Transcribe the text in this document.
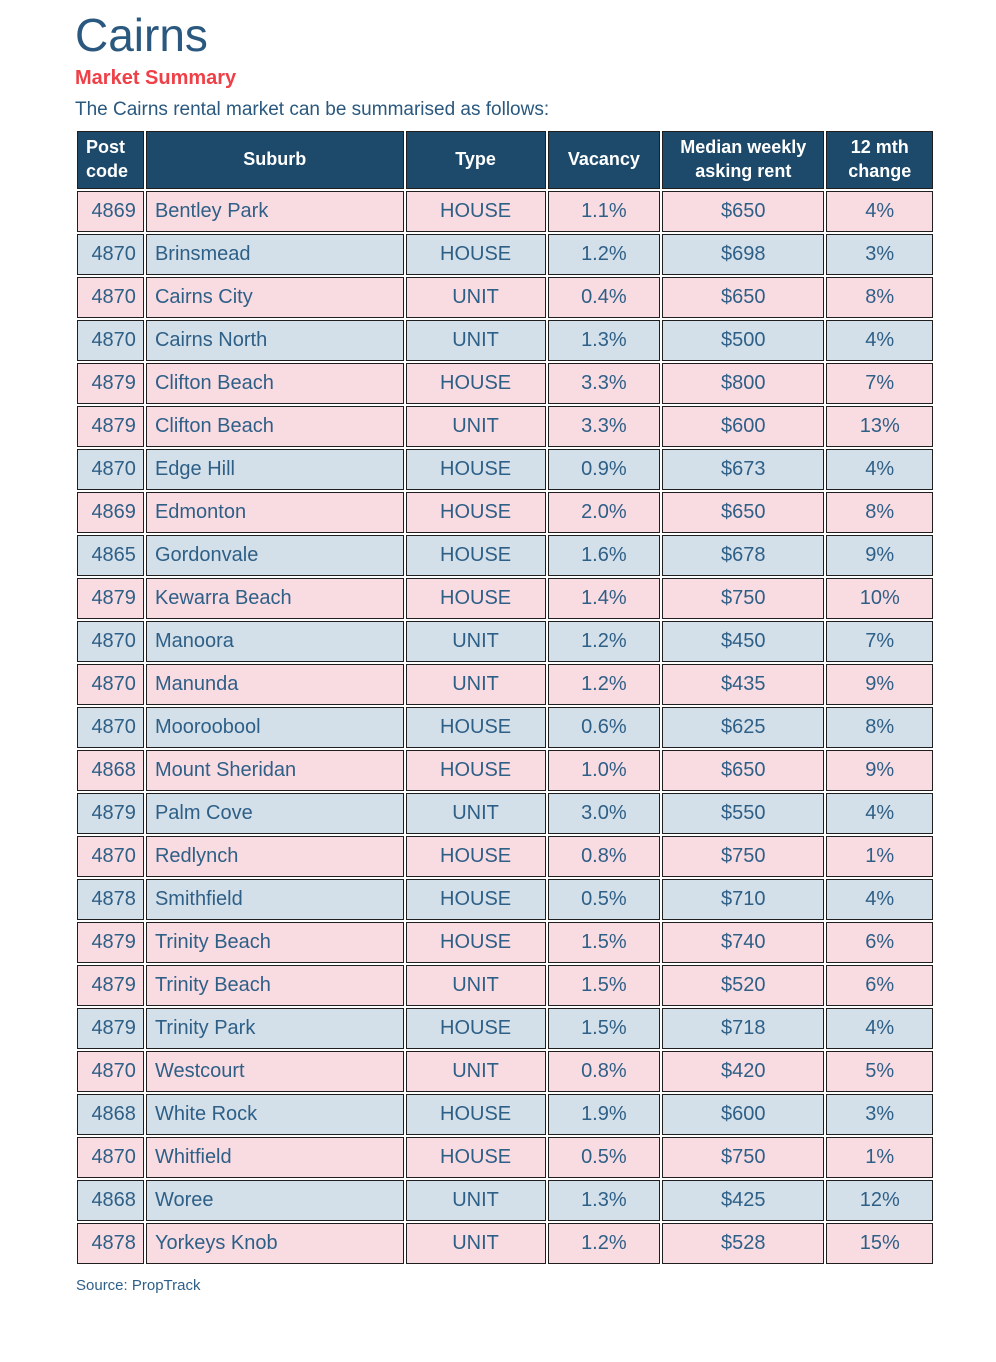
Cairns
Market Summary

The Cairns rental market can be summarised as follows:

Post code	Suburb	Type	Vacancy	Median weekly asking rent	12 mth change
4869	Bentley Park	HOUSE	1.1%	$650	4%
4870	Brinsmead	HOUSE	1.2%	$698	3%
4870	Cairns City	UNIT	0.4%	$650	8%
4870	Cairns North	UNIT	1.3%	$500	4%
4879	Clifton Beach	HOUSE	3.3%	$800	7%
4879	Clifton Beach	UNIT	3.3%	$600	13%
4870	Edge Hill	HOUSE	0.9%	$673	4%
4869	Edmonton	HOUSE	2.0%	$650	8%
4865	Gordonvale	HOUSE	1.6%	$678	9%
4879	Kewarra Beach	HOUSE	1.4%	$750	10%
4870	Manoora	UNIT	1.2%	$450	7%
4870	Manunda	UNIT	1.2%	$435	9%
4870	Mooroobool	HOUSE	0.6%	$625	8%
4868	Mount Sheridan	HOUSE	1.0%	$650	9%
4879	Palm Cove	UNIT	3.0%	$550	4%
4870	Redlynch	HOUSE	0.8%	$750	1%
4878	Smithfield	HOUSE	0.5%	$710	4%
4879	Trinity Beach	HOUSE	1.5%	$740	6%
4879	Trinity Beach	UNIT	1.5%	$520	6%
4879	Trinity Park	HOUSE	1.5%	$718	4%
4870	Westcourt	UNIT	0.8%	$420	5%
4868	White Rock	HOUSE	1.9%	$600	3%
4870	Whitfield	HOUSE	0.5%	$750	1%
4868	Woree	UNIT	1.3%	$425	12%
4878	Yorkeys Knob	UNIT	1.2%	$528	15%

Source: PropTrack
